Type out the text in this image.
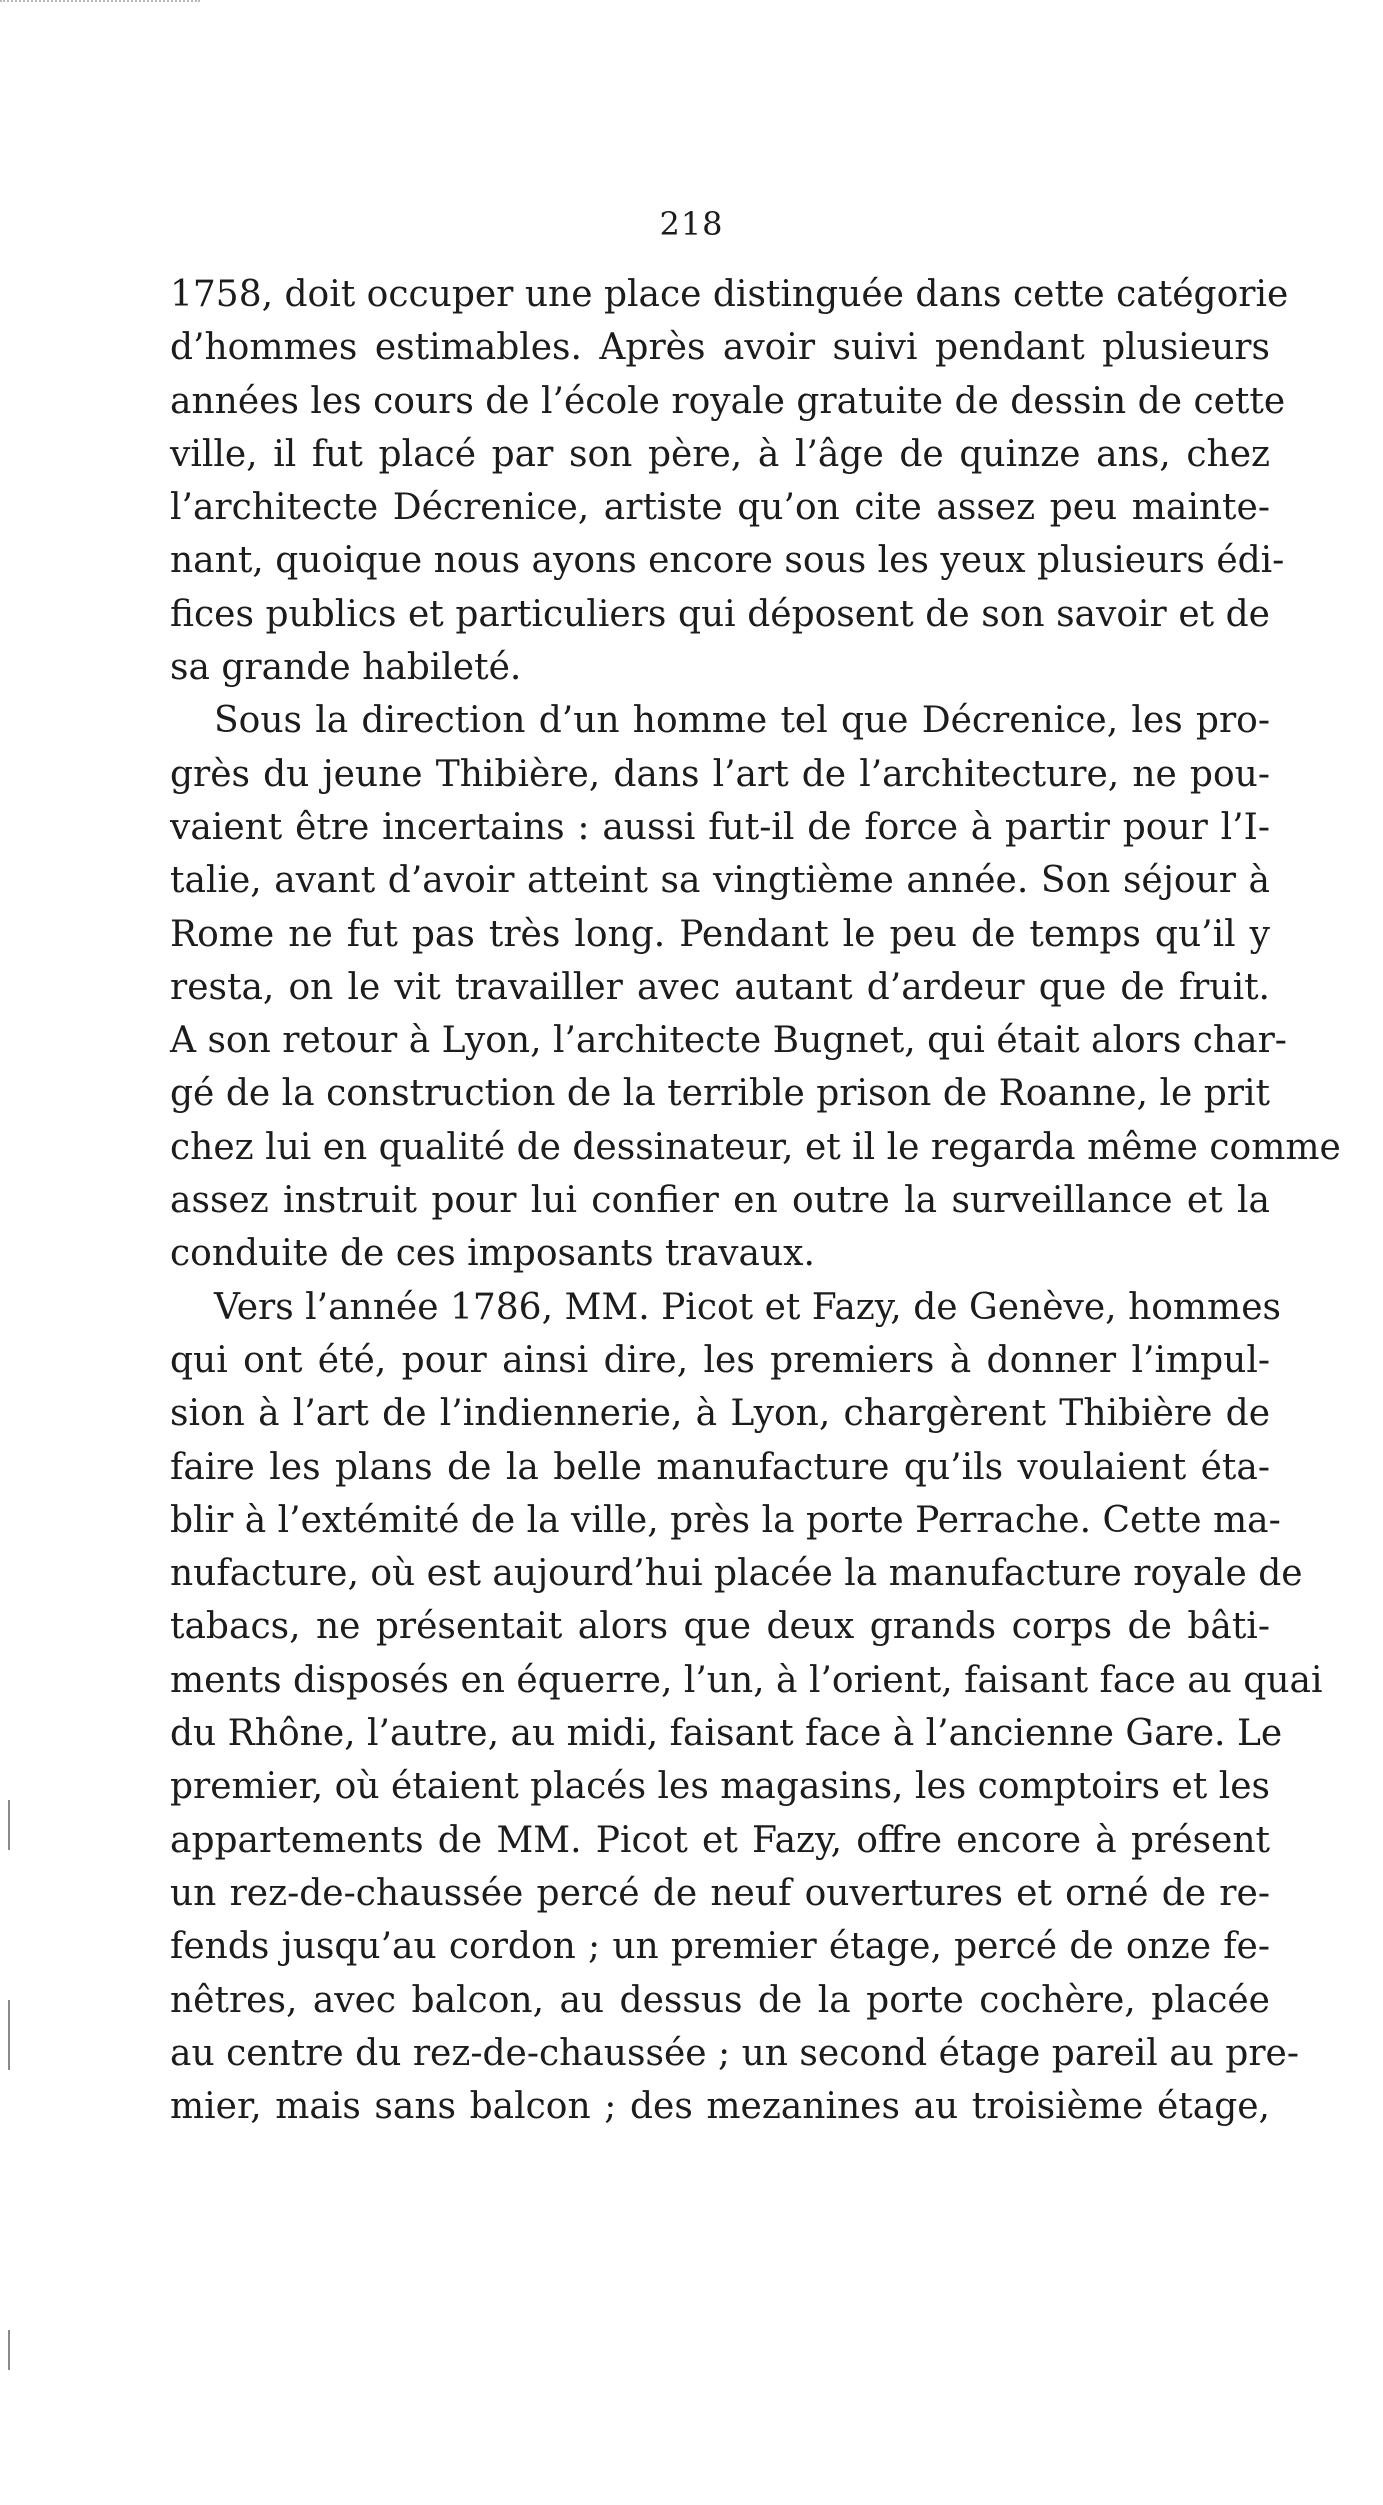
218
1758, doit occuper une place distinguée dans cette catégorie
d’hommes estimables. Après avoir suivi pendant plusieurs
années les cours de l’école royale gratuite de dessin de cette
ville, il fut placé par son père, à l’âge de quinze ans, chez
l’architecte Décrenice, artiste qu’on cite assez peu mainte-
nant, quoique nous ayons encore sous les yeux plusieurs édi-
fices publics et particuliers qui déposent de son savoir et de
sa grande habileté.
Sous la direction d’un homme tel que Décrenice, les pro-
grès du jeune Thibière, dans l’art de l’architecture, ne pou-
vaient être incertains : aussi fut-il de force à partir pour l’I-
talie, avant d’avoir atteint sa vingtième année. Son séjour à
Rome ne fut pas très long. Pendant le peu de temps qu’il y
resta, on le vit travailler avec autant d’ardeur que de fruit.
A son retour à Lyon, l’architecte Bugnet, qui était alors char-
gé de la construction de la terrible prison de Roanne, le prit
chez lui en qualité de dessinateur, et il le regarda même comme
assez instruit pour lui confier en outre la surveillance et la
conduite de ces imposants travaux.
Vers l’année 1786, MM. Picot et Fazy, de Genève, hommes
qui ont été, pour ainsi dire, les premiers à donner l’impul-
sion à l’art de l’indiennerie, à Lyon, chargèrent Thibière de
faire les plans de la belle manufacture qu’ils voulaient éta-
blir à l’extémité de la ville, près la porte Perrache. Cette ma-
nufacture, où est aujourd’hui placée la manufacture royale de
tabacs, ne présentait alors que deux grands corps de bâti-
ments disposés en équerre, l’un, à l’orient, faisant face au quai
du Rhône, l’autre, au midi, faisant face à l’ancienne Gare. Le
premier, où étaient placés les magasins, les comptoirs et les
appartements de MM. Picot et Fazy, offre encore à présent
un rez-de-chaussée percé de neuf ouvertures et orné de re-
fends jusqu’au cordon ; un premier étage, percé de onze fe-
nêtres, avec balcon, au dessus de la porte cochère, placée
au centre du rez-de-chaussée ; un second étage pareil au pre-
mier, mais sans balcon ; des mezanines au troisième étage,
